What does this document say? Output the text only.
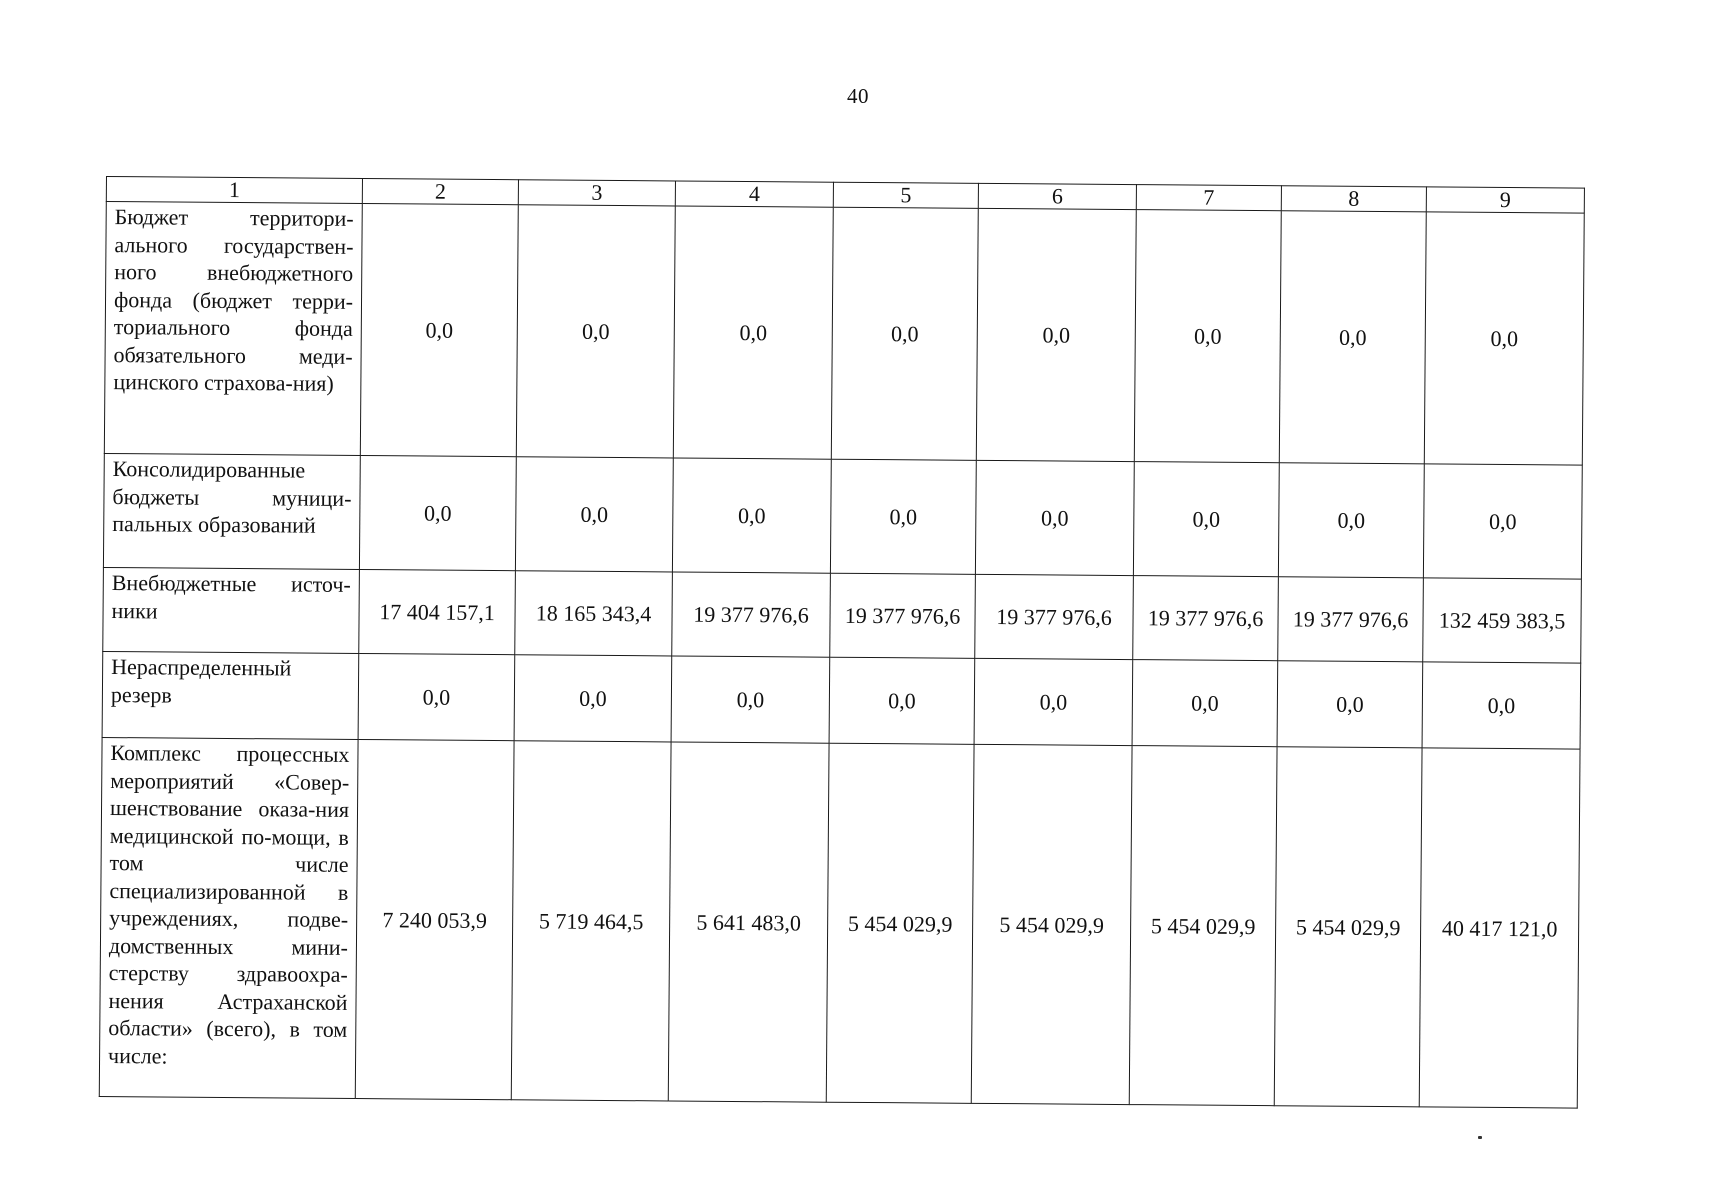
40
1	2	3	4	5	6	7	8	9
Бюджет территори-ального государствен-ного внебюджетного фонда (бюджет терри-ториального фонда обязательного меди-цинского страхова-ния)	0,0	0,0	0,0	0,0	0,0	0,0	0,0	0,0
Консолидированные бюджеты муници-пальных образований	0,0	0,0	0,0	0,0	0,0	0,0	0,0	0,0
Внебюджетные источ-ники	17 404 157,1	18 165 343,4	19 377 976,6	19 377 976,6	19 377 976,6	19 377 976,6	19 377 976,6	132 459 383,5
Нераспределенный резерв	0,0	0,0	0,0	0,0	0,0	0,0	0,0	0,0
Комплекс процессных мероприятий «Совер-шенствование оказа-ния медицинской по-мощи, в том числе специализированной в учреждениях, подве-домственных мини-стерству здравоохра-нения Астраханской области» (всего), в том числе:	7 240 053,9	5 719 464,5	5 641 483,0	5 454 029,9	5 454 029,9	5 454 029,9	5 454 029,9	40 417 121,0
